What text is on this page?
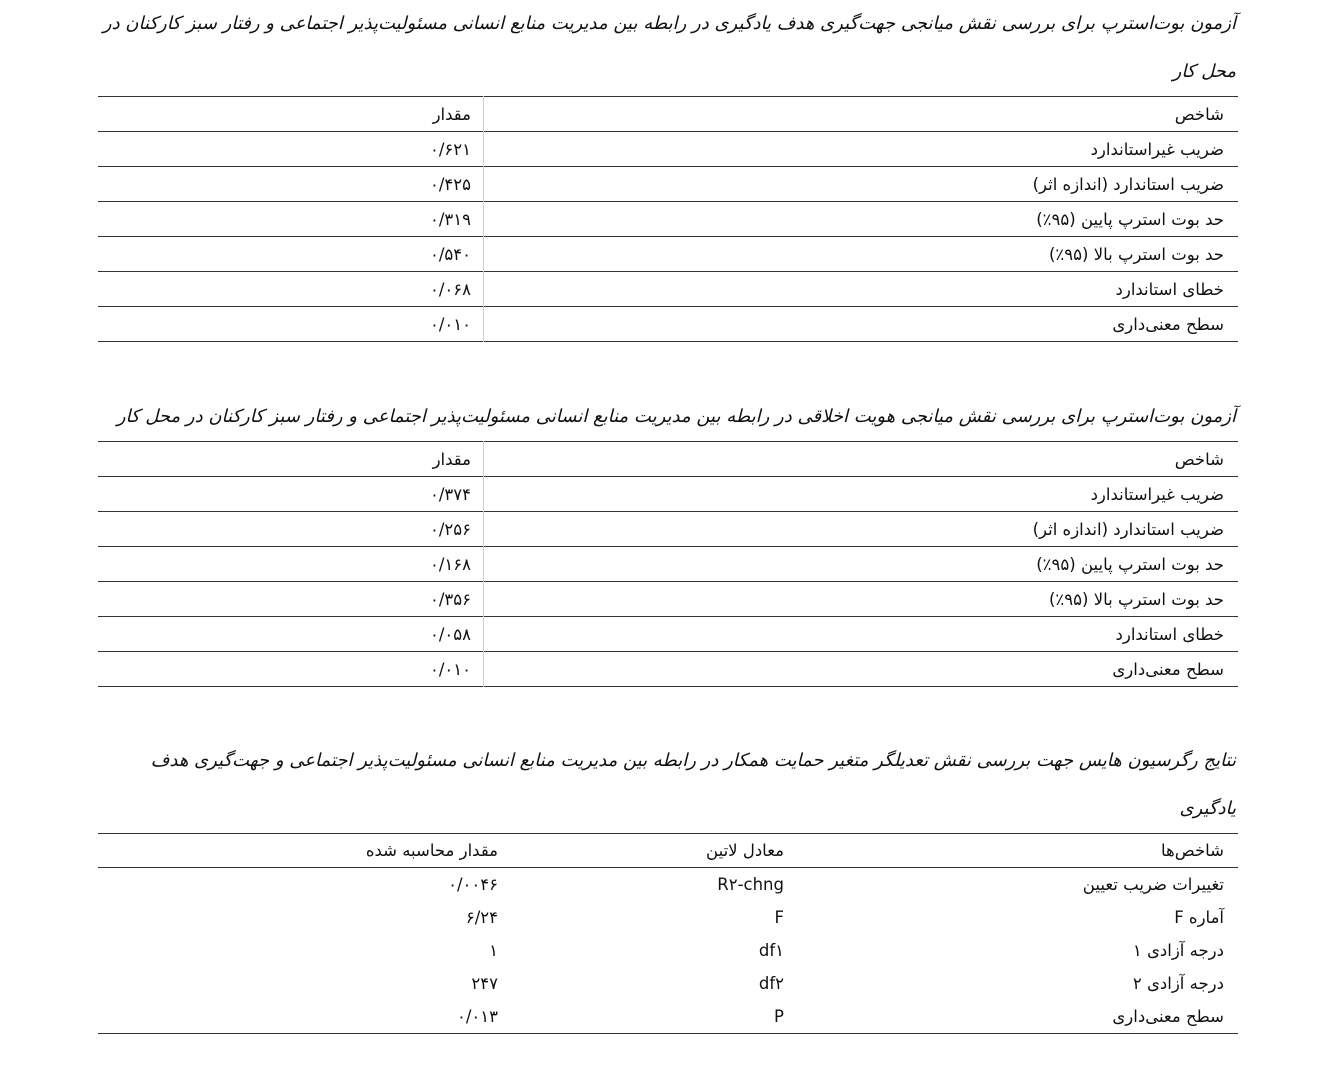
آزمون بوت‌استرپ برای بررسی نقش میانجی جهت‌گیری هدف یادگیری در رابطه بین مدیریت منابع انسانی مسئولیت‌پذیر اجتماعی و رفتار سبز کارکنان در محل کار

شاخص	مقدار
ضریب غیراستاندارد	۰/۶۲۱
ضریب استاندارد (اندازه اثر)	۰/۴۲۵
حد بوت استرپ پایین (۹۵٪)	۰/۳۱۹
حد بوت استرپ بالا (۹۵٪)	۰/۵۴۰
خطای استاندارد	۰/۰۶۸
سطح معنی‌داری	۰/۰۱۰

آزمون بوت‌استرپ برای بررسی نقش میانجی هویت اخلاقی در رابطه بین مدیریت منابع انسانی مسئولیت‌پذیر اجتماعی و رفتار سبز کارکنان در محل کار

شاخص	مقدار
ضریب غیراستاندارد	۰/۳۷۴
ضریب استاندارد (اندازه اثر)	۰/۲۵۶
حد بوت استرپ پایین (۹۵٪)	۰/۱۶۸
حد بوت استرپ بالا (۹۵٪)	۰/۳۵۶
خطای استاندارد	۰/۰۵۸
سطح معنی‌داری	۰/۰۱۰

نتایج رگرسیون هایس جهت بررسی نقش تعدیلگر متغیر حمایت همکار در رابطه بین مدیریت منابع انسانی مسئولیت‌پذیر اجتماعی و جهت‌گیری هدف یادگیری

شاخص‌ها	معادل لاتین	مقدار محاسبه شده
تغییرات ضریب تعیین	R۲-chng	۰/۰۰۴۶
آماره F	F	۶/۲۴
درجه آزادی ۱	df۱	۱
درجه آزادی ۲	df۲	۲۴۷
سطح معنی‌داری	P	۰/۰۱۳
